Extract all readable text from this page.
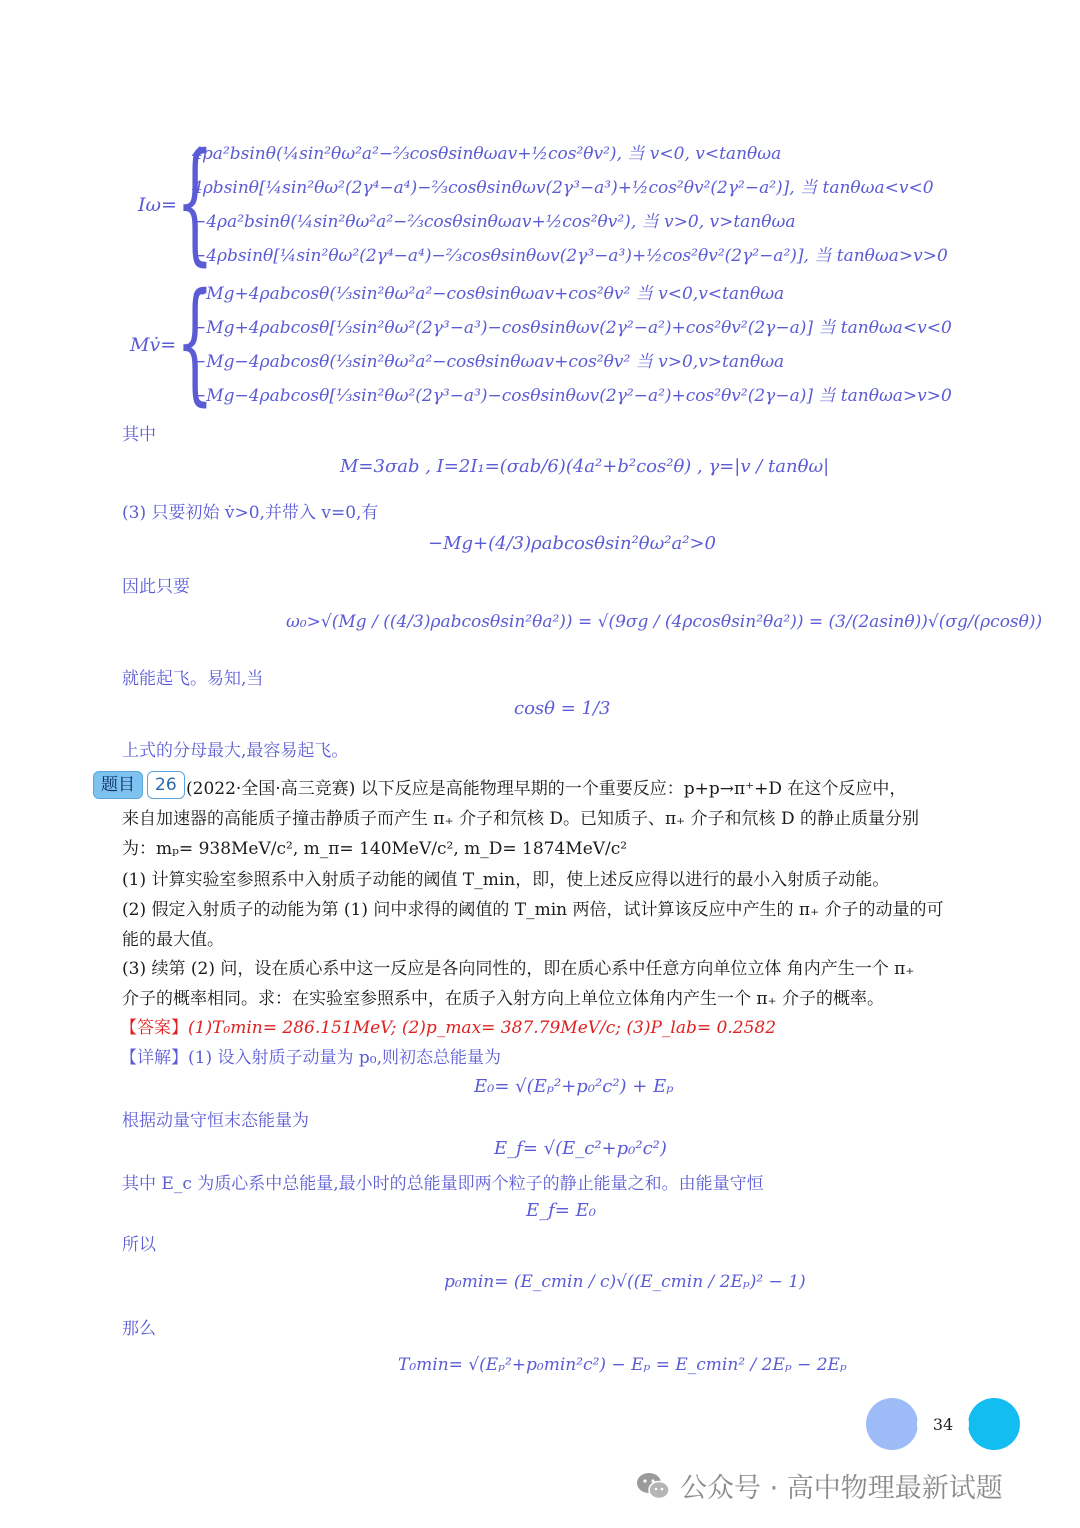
Iω= {
4ρa²bsinθ(¼sin²θω²a²−⅔cosθsinθωav+½cos²θv²), 当 v<0, v<tanθωa
4ρbsinθ[¼sin²θω²(2γ⁴−a⁴)−⅔cosθsinθωv(2γ³−a³)+½cos²θv²(2γ²−a²)], 当 tanθωa<v<0
−4ρa²bsinθ(¼sin²θω²a²−⅔cosθsinθωav+½cos²θv²), 当 v>0, v>tanθωa
−4ρbsinθ[¼sin²θω²(2γ⁴−a⁴)−⅔cosθsinθωv(2γ³−a³)+½cos²θv²(2γ²−a²)], 当 tanθωa>v>0
Mv̇= {
−Mg+4ρabcosθ(⅓sin²θω²a²−cosθsinθωav+cos²θv² 当 v<0,v<tanθωa
−Mg+4ρabcosθ[⅓sin²θω²(2γ³−a³)−cosθsinθωv(2γ²−a²)+cos²θv²(2γ−a)] 当 tanθωa<v<0
−Mg−4ρabcosθ(⅓sin²θω²a²−cosθsinθωav+cos²θv² 当 v>0,v>tanθωa
−Mg−4ρabcosθ[⅓sin²θω²(2γ³−a³)−cosθsinθωv(2γ²−a²)+cos²θv²(2γ−a)] 当 tanθωa>v>0
其中
M=3σab , I=2I₁=(σab/6)(4a²+b²cos²θ) , γ=|v / tanθω|
(3) 只要初始 v̇>0,并带入 v=0,有
−Mg+(4/3)ρabcosθsin²θω²a²>0
因此只要
ω₀>√(Mg / ((4/3)ρabcosθsin²θa²)) = √(9σg / (4ρcosθsin²θa²)) = (3/(2asinθ))√(σg/(ρcosθ))
就能起飞。易知,当
cosθ = 1/3
上式的分母最大,最容易起飞。
题目	26 (2022·全国·高三竞赛) 以下反应是高能物理早期的一个重要反应：p+p→π⁺+D 在这个反应中，
来自加速器的高能质子撞击静质子而产生 π₊ 介子和氘核 D。已知质子、π₊ 介子和氘核 D 的静止质量分别
为：mₚ= 938MeV/c², m_π= 140MeV/c², m_D= 1874MeV/c²
(1) 计算实验室参照系中入射质子动能的阈值 T_min，即，使上述反应得以进行的最小入射质子动能。
(2) 假定入射质子的动能为第 (1) 问中求得的阈值的 T_min 两倍，试计算该反应中产生的 π₊ 介子的动量的可
能的最大值。
(3) 续第 (2) 问，设在质心系中这一反应是各向同性的，即在质心系中任意方向单位立体 角内产生一个 π₊
介子的概率相同。求：在实验室参照系中，在质子入射方向上单位立体角内产生一个 π₊ 介子的概率。
【答案】(1)T₀min= 286.151MeV; (2)p_max= 387.79MeV/c; (3)P_lab= 0.2582
【详解】(1) 设入射质子动量为 p₀,则初态总能量为
E₀= √(Eₚ²+p₀²c²) + Eₚ
根据动量守恒末态能量为
E_f= √(E_c²+p₀²c²)
其中 E_c 为质心系中总能量,最小时的总能量即两个粒子的静止能量之和。由能量守恒
E_f= E₀
所以
p₀min= (E_cmin / c)√((E_cmin / 2Eₚ)² − 1)
那么
T₀min= √(Eₚ²+p₀min²c²) − Eₚ = E_cmin² / 2Eₚ − 2Eₚ
34
公众号 · 高中物理最新试题
